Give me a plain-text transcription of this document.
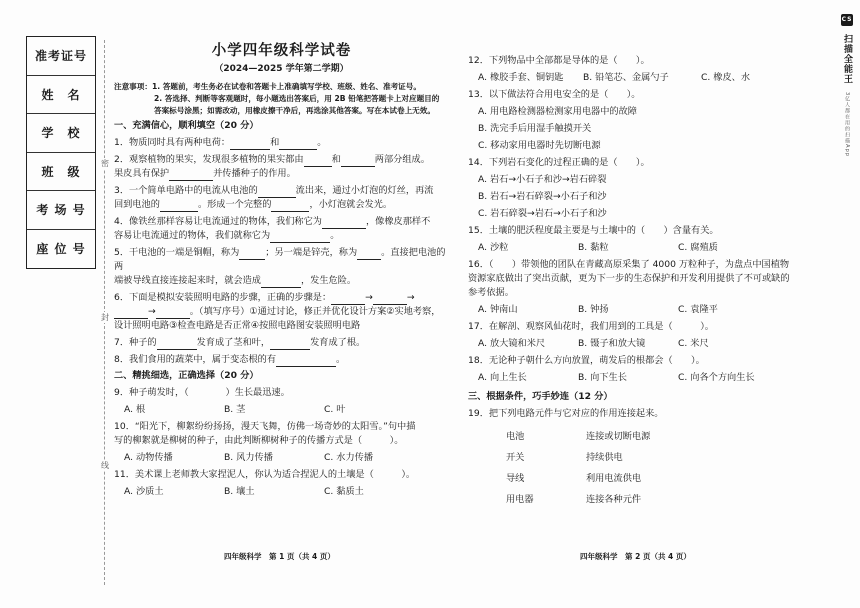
准考证号
姓　名
学　校
班　级
考 场 号
座 位 号
密
封
线
小学四年级科学试卷
（2024—2025 学年第二学期）
注意事项：1. 答题前，考生务必在试卷和答题卡上准确填写学校、班级、姓名、准考证号。
2. 答选择、判断等客观题时，每小题选出答案后，用 2B 铅笔把答题卡上对应题目的
答案标号涂黑；如需改动，用橡皮擦干净后，再选涂其他答案。写在本试卷上无效。
一、充满信心，顺利填空（20 分）
1．物质同时具有两种电荷：	和	。
2．观察植物的果实，发现很多植物的果实都由	和	两部分组成。
果皮具有保护	并传播种子的作用。
3．一个简单电路中的电流从电池的	流出来，通过小灯泡的灯丝，再流
回到电池的	。形成一个完整的	，小灯泡就会发光。
4．像铁丝那样容易让电流通过的物体，我们称它为	，像橡皮那样不
容易让电流通过的物体，我们就称它为	。
5．干电池的一端是铜帽，称为	；另一端是锌壳，称为	。直接把电池的两
端被导线直接连接起来时，就会造成	，发生危险。
6．下面是模拟安装照明电路的步骤，正确的步骤是：	→	→
→	。（填写序号）①通过讨论，修正并优化设计方案②实地考察，
设计照明电路③检查电路是否正常④按照电路图安装照明电路
7．种子的	发育成了茎和叶，	发育成了根。
8．我们食用的蔬菜中，属于变态根的有	。
二、精挑细选，正确选择（20 分）
9．种子萌发时，（　　　　）生长最迅速。
A. 根	B. 茎	C. 叶
10．“阳光下，柳絮纷纷扬扬，漫天飞舞，仿佛一场奇妙的太阳雪。”句中描
写的柳絮就是柳树的种子，由此判断柳树种子的传播方式是（　　　）。
A. 动物传播	B. 风力传播	C. 水力传播
11．美术课上老师教大家捏泥人，你认为适合捏泥人的土壤是（　　　）。
A. 沙质土	B. 壤土	C. 黏质土
四年级科学　第 1 页（共 4 页）
12．下列物品中全部都是导体的是（　　）。
A. 橡胶手套、铜钥匙	B. 铅笔芯、金属勺子	C. 橡皮、水
13．以下做法符合用电安全的是（　　）。
A. 用电路检测器检测家用电器中的故障
B. 洗完手后用湿手触摸开关
C. 移动家用电器时先切断电源
14．下列岩石变化的过程正确的是（　　）。
A. 岩石→小石子和沙→岩石碎裂
B. 岩石→岩石碎裂→小石子和沙
C. 岩石碎裂→岩石→小石子和沙
15．土壤的肥沃程度最主要是与土壤中的（　　）含量有关。
A. 沙粒	B. 黏粒	C. 腐殖质
16．（　　）带领他的团队在青藏高原采集了 4000 万粒种子，为盘点中国植物
资源家底做出了突出贡献，更为下一步的生态保护和开发利用提供了不可或缺的
参考依据。
A. 钟南山	B. 钟扬	C. 袁隆平
17．在解剖、观察风仙花时，我们用到的工具是（　　　）。
A. 放大镜和米尺	B. 镊子和放大镜	C. 米尺
18．无论种子朝什么方向放置，萌发后的根都会（　　）。
A. 向上生长	B. 向下生长	C. 向各个方向生长
三、根据条件，巧手妙连（12 分）
19．把下列电路元件与它对应的作用连接起来。
电池	连接或切断电源
开关	持续供电
导线	利用电流供电
用电器	连接各种元件
四年级科学　第 2 页（共 4 页）
CS 扫描全能王 3亿人都在用的扫描App
